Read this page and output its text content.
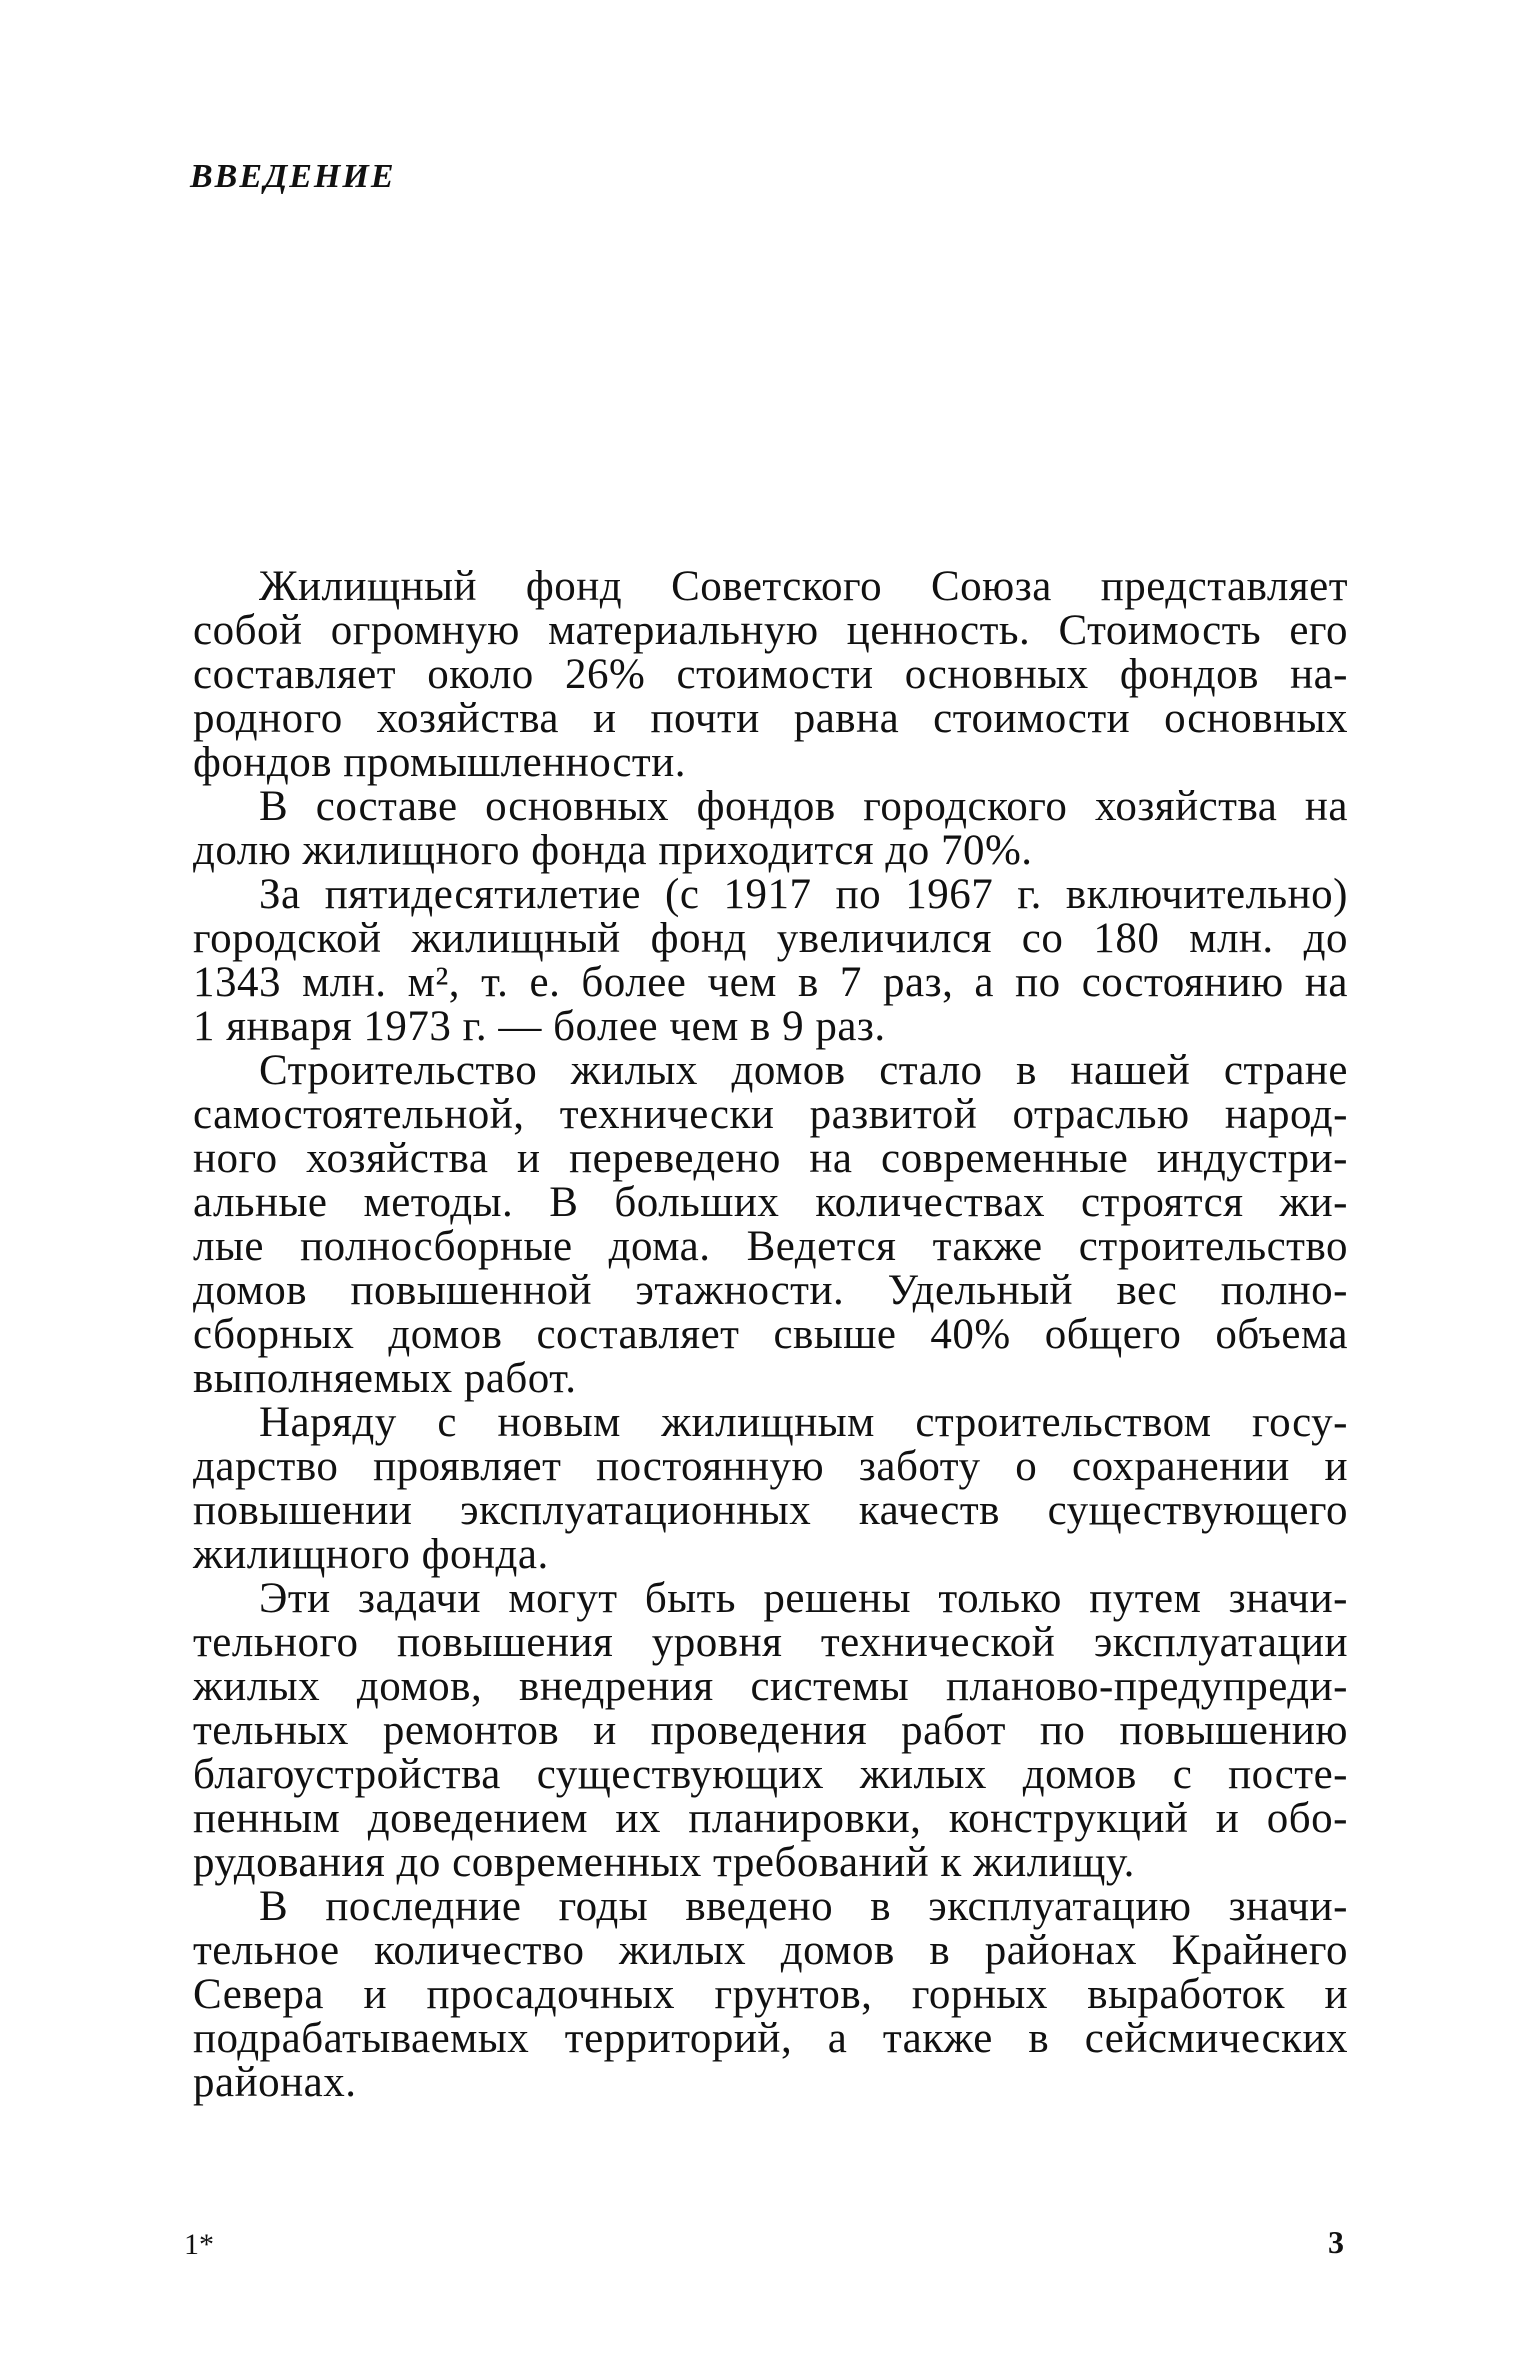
ВВЕДЕНИЕ
Жилищный фонд Советского Союза представляет
собой огромную материальную ценность. Стоимость его
составляет около 26% стоимости основных фондов на-
родного хозяйства и почти равна стоимости основных
фондов промышленности.
В составе основных фондов городского хозяйства на
долю жилищного фонда приходится до 70%.
За пятидесятилетие (с 1917 по 1967 г. включительно)
городской жилищный фонд увеличился со 180 млн. до
1343 млн. м², т. е. более чем в 7 раз, а по состоянию на
1 января 1973 г. — более чем в 9 раз.
Строительство жилых домов стало в нашей стране
самостоятельной, технически развитой отраслью народ-
ного хозяйства и переведено на современные индустри-
альные методы. В больших количествах строятся жи-
лые полносборные дома. Ведется также строительство
домов повышенной этажности. Удельный вес полно-
сборных домов составляет свыше 40% общего объема
выполняемых работ.
Наряду с новым жилищным строительством госу-
дарство проявляет постоянную заботу о сохранении и
повышении эксплуатационных качеств существующего
жилищного фонда.
Эти задачи могут быть решены только путем значи-
тельного повышения уровня технической эксплуатации
жилых домов, внедрения системы планово-предупреди-
тельных ремонтов и проведения работ по повышению
благоустройства существующих жилых домов с посте-
пенным доведением их планировки, конструкций и обо-
рудования до современных требований к жилищу.
В последние годы введено в эксплуатацию значи-
тельное количество жилых домов в районах Крайнего
Севера и просадочных грунтов, горных выработок и
подрабатываемых территорий, а также в сейсмических
районах.
1*	3
